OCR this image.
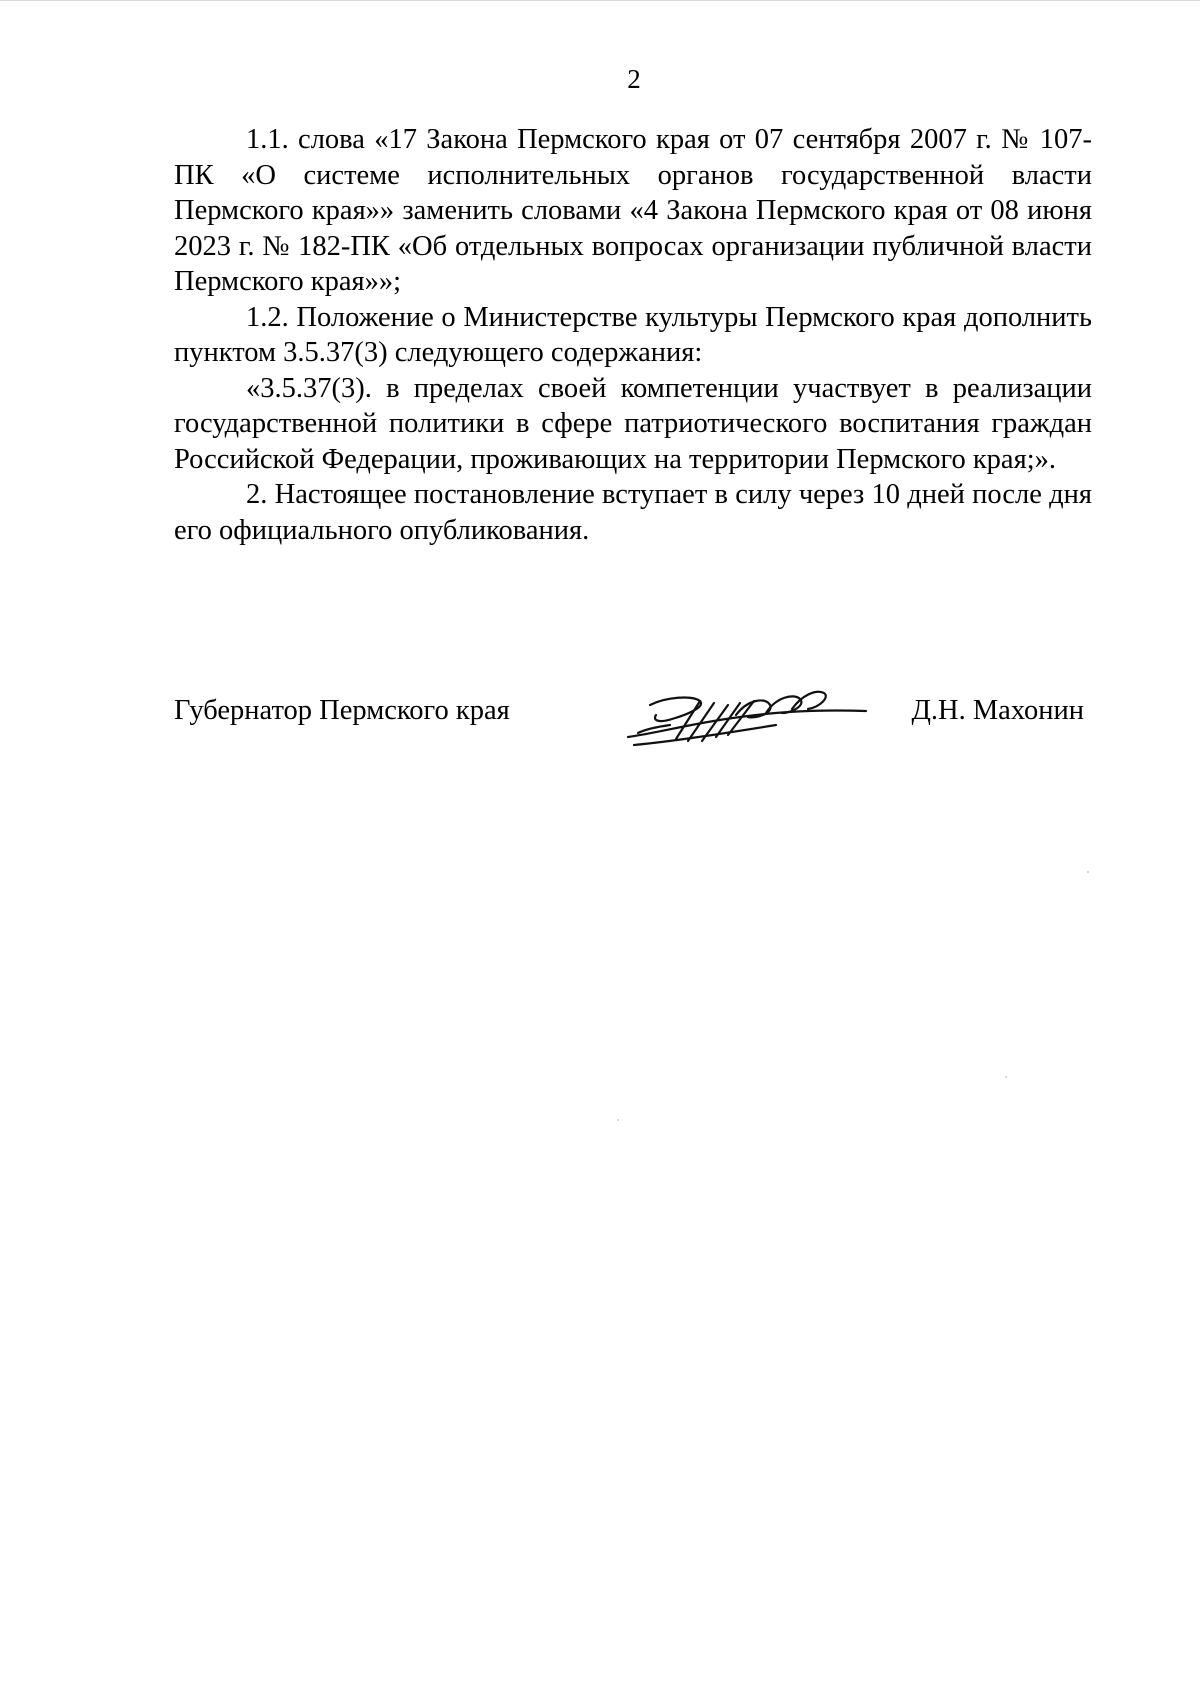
2

1.1. слова «17 Закона Пермского края от 07 сентября 2007 г. № 107-ПК «О системе исполнительных органов государственной власти Пермского края»» заменить словами «4 Закона Пермского края от 08 июня 2023 г. № 182-ПК «Об отдельных вопросах организации публичной власти Пермского края»»;

1.2. Положение о Министерстве культуры Пермского края дополнить пунктом 3.5.37(3) следующего содержания:

«3.5.37(3). в пределах своей компетенции участвует в реализации государственной политики в сфере патриотического воспитания граждан Российской Федерации, проживающих на территории Пермского края;».

2. Настоящее постановление вступает в силу через 10 дней после дня его официального опубликования.

Губернатор Пермского края	Д.Н. Махонин
